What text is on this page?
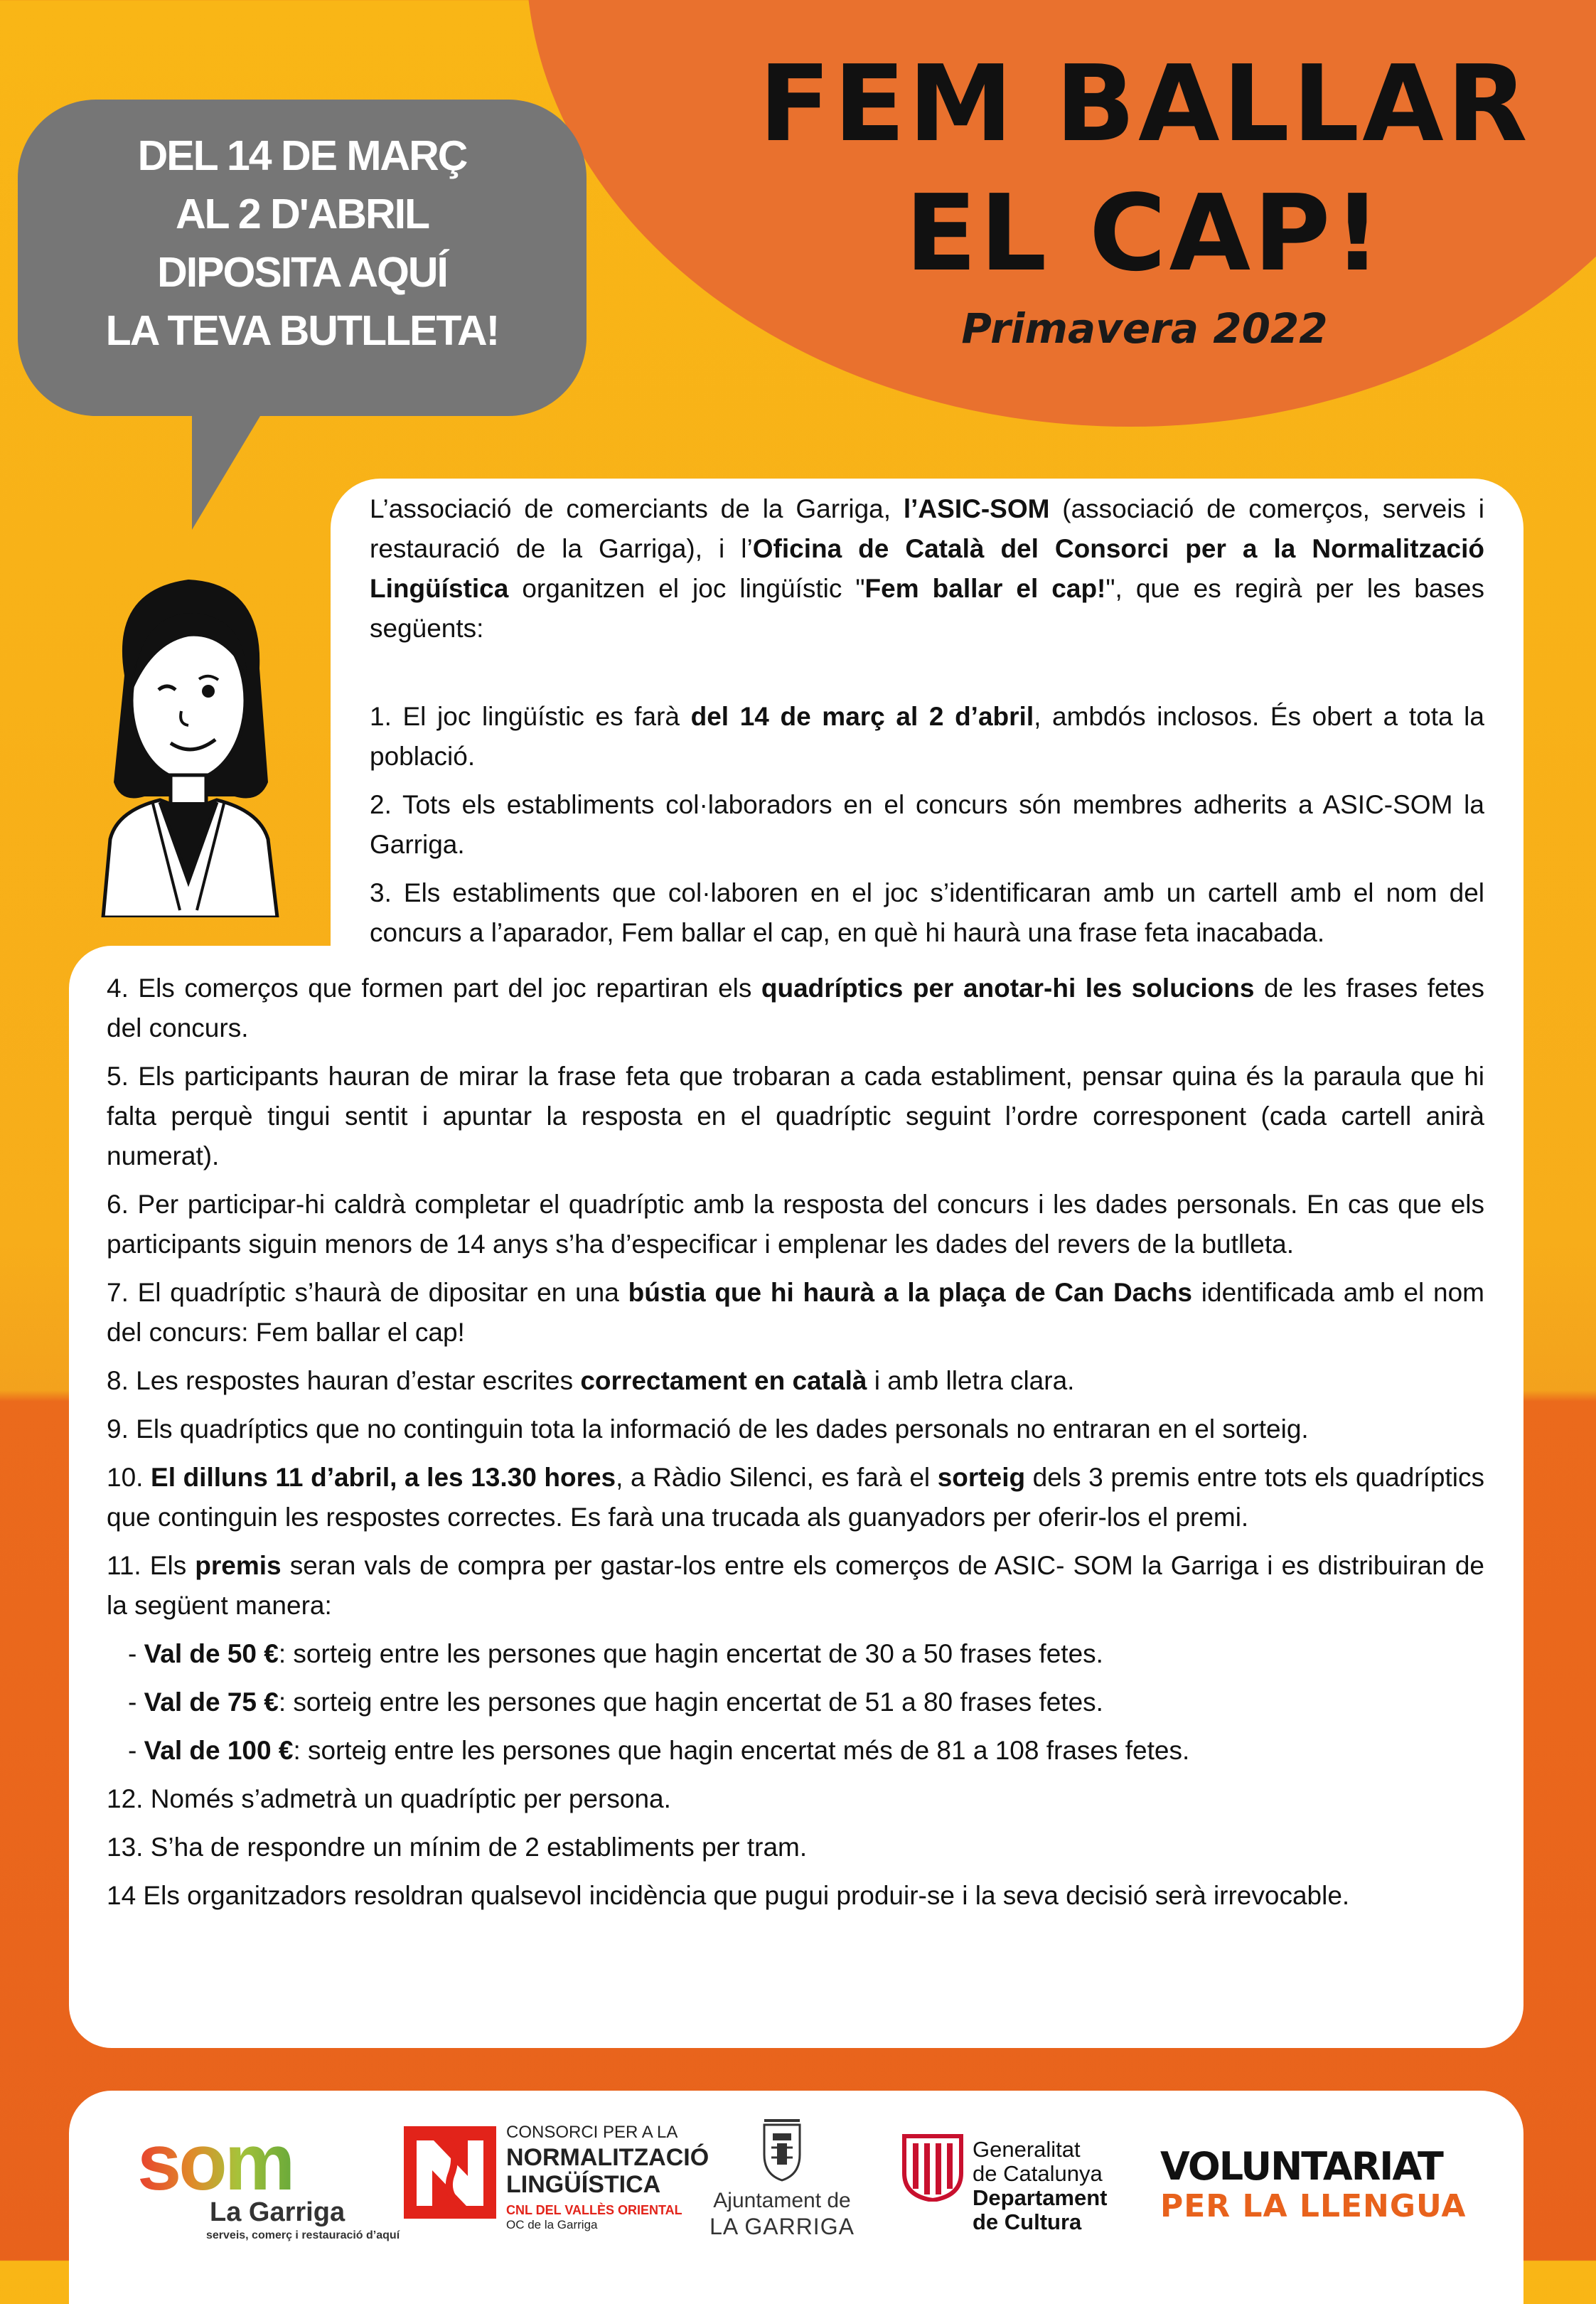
FEM BALLAR
EL CAP!
Primavera 2022
DEL 14 DE MARÇ
AL 2 D'ABRIL
DIPOSITA AQUÍ
LA TEVA BUTLLETA!

L’associació de comerciants de la Garriga, l’ASIC-SOM (associació de comerços, serveis i restauració de la Garriga), i l’Oficina de Català del Consorci per a la Normalització Lingüística organitzen el joc lingüístic "Fem ballar el cap!", que es regirà per les bases següents:

1. El joc lingüístic es farà del 14 de març al 2 d’abril, ambdós inclosos. És obert a tota la població.

2. Tots els establiments col·laboradors en el concurs són membres adherits a ASIC-SOM la Garriga.

3. Els establiments que col·laboren en el joc s’identificaran amb un cartell amb el nom del concurs a l’aparador, Fem ballar el cap, en què hi haurà una frase feta inacabada.

4. Els comerços que formen part del joc repartiran els quadríptics per anotar-hi les solucions de les frases fetes del concurs.

5. Els participants hauran de mirar la frase feta que trobaran a cada establiment, pensar quina és la paraula que hi falta perquè tingui sentit i apuntar la resposta en el quadríptic seguint l’ordre corresponent (cada cartell anirà numerat).

6. Per participar-hi caldrà completar el quadríptic amb la resposta del concurs i les dades personals. En cas que els participants siguin menors de 14 anys s’ha d’especificar i emplenar les dades del revers de la butlleta.

7. El quadríptic s’haurà de dipositar en una bústia que hi haurà a la plaça de Can Dachs identificada amb el nom del concurs: Fem ballar el cap!

8. Les respostes hauran d’estar escrites correctament en català i amb lletra clara.

9. Els quadríptics que no continguin tota la informació de les dades personals no entraran en el sorteig.

10. El dilluns 11 d’abril, a les 13.30 hores, a Ràdio Silenci, es farà el sorteig dels 3 premis entre tots els quadríptics que continguin les respostes correctes. Es farà una trucada als guanyadors per oferir-los el premi.

11. Els premis seran vals de compra per gastar-los entre els comerços de ASIC- SOM la Garriga i es distribuiran de la següent manera:

- Val de 50 €: sorteig entre les persones que hagin encertat de 30 a 50 frases fetes.

- Val de 75 €: sorteig entre les persones que hagin encertat de 51 a 80 frases fetes.

- Val de 100 €: sorteig entre les persones que hagin encertat més de 81 a 108 frases fetes.

12. Només s’admetrà un quadríptic per persona.

13. S’ha de respondre un mínim de 2 establiments per tram.

14 Els organitzadors resoldran qualsevol incidència que pugui produir-se i la seva decisió serà irrevocable.

som
La Garriga
serveis, comerç i restauració d’aquí
CONSORCI PER A LA
NORMALITZACIÓ
LINGÜÍSTICA
CNL DEL VALLÈS ORIENTAL
OC de la Garriga
Ajuntament de
LA GARRIGA
Generalitat
de Catalunya
Departament
de Cultura
VOLUNTARIAT
PER LA LLENGUA
